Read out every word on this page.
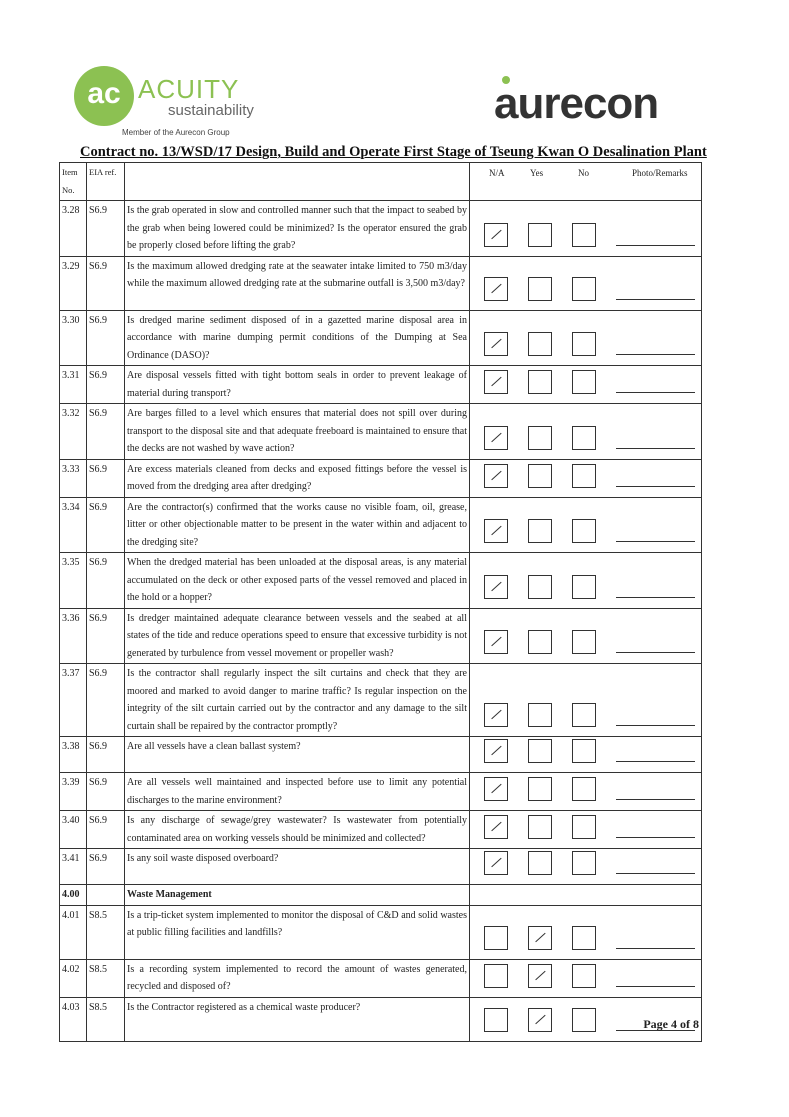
ac ACUITY
sustainability
Member of the Aurecon Group
aurecon
Contract no. 13/WSD/17 Design, Build and Operate First Stage of Tseung Kwan O Desalination Plant
Item No.	EIA ref.		N/A Yes No Photo/Remarks

3.28	S6.9	Is the grab operated in slow and controlled manner such that the impact to seabed by the grab when being lowered could be minimized? Is the operator ensured the grab be properly closed before lifting the grab?	

3.29	S6.9	Is the maximum allowed dredging rate at the seawater intake limited to 750 m3/day while the maximum allowed dredging rate at the submarine outfall is 3,500 m3/day?	

3.30	S6.9	Is dredged marine sediment disposed of in a gazetted marine disposal area in accordance with marine dumping permit conditions of the Dumping at Sea Ordinance (DASO)?	

3.31	S6.9	Are disposal vessels fitted with tight bottom seals in order to prevent leakage of material during transport?	

3.32	S6.9	Are barges filled to a level which ensures that material does not spill over during transport to the disposal site and that adequate freeboard is maintained to ensure that the decks are not washed by wave action?	

3.33	S6.9	Are excess materials cleaned from decks and exposed fittings before the vessel is moved from the dredging area after dredging?	

3.34	S6.9	Are the contractor(s) confirmed that the works cause no visible foam, oil, grease, litter or other objectionable matter to be present in the water within and adjacent to the dredging site?	

3.35	S6.9	When the dredged material has been unloaded at the disposal areas, is any material accumulated on the deck or other exposed parts of the vessel removed and placed in the hold or a hopper?	

3.36	S6.9	Is dredger maintained adequate clearance between vessels and the seabed at all states of the tide and reduce operations speed to ensure that excessive turbidity is not generated by turbulence from vessel movement or propeller wash?	

3.37	S6.9	Is the contractor shall regularly inspect the silt curtains and check that they are moored and marked to avoid danger to marine traffic? Is regular inspection on the integrity of the silt curtain carried out by the contractor and any damage to the silt curtain shall be repaired by the contractor promptly?	

3.38	S6.9	Are all vessels have a clean ballast system?	

3.39	S6.9	Are all vessels well maintained and inspected before use to limit any potential discharges to the marine environment?	

3.40	S6.9	Is any discharge of sewage/grey wastewater? Is wastewater from potentially contaminated area on working vessels should be minimized and collected?	

3.41	S6.9	Is any soil waste disposed overboard?	

4.00		Waste Management	
4.01	S8.5	Is a trip-ticket system implemented to monitor the disposal of C&D and solid wastes at public filling facilities and landfills?	

4.02	S8.5	Is a recording system implemented to record the amount of wastes generated, recycled and disposed of?	

4.03	S8.5	Is the Contractor registered as a chemical waste producer?	
Page 4 of 8
